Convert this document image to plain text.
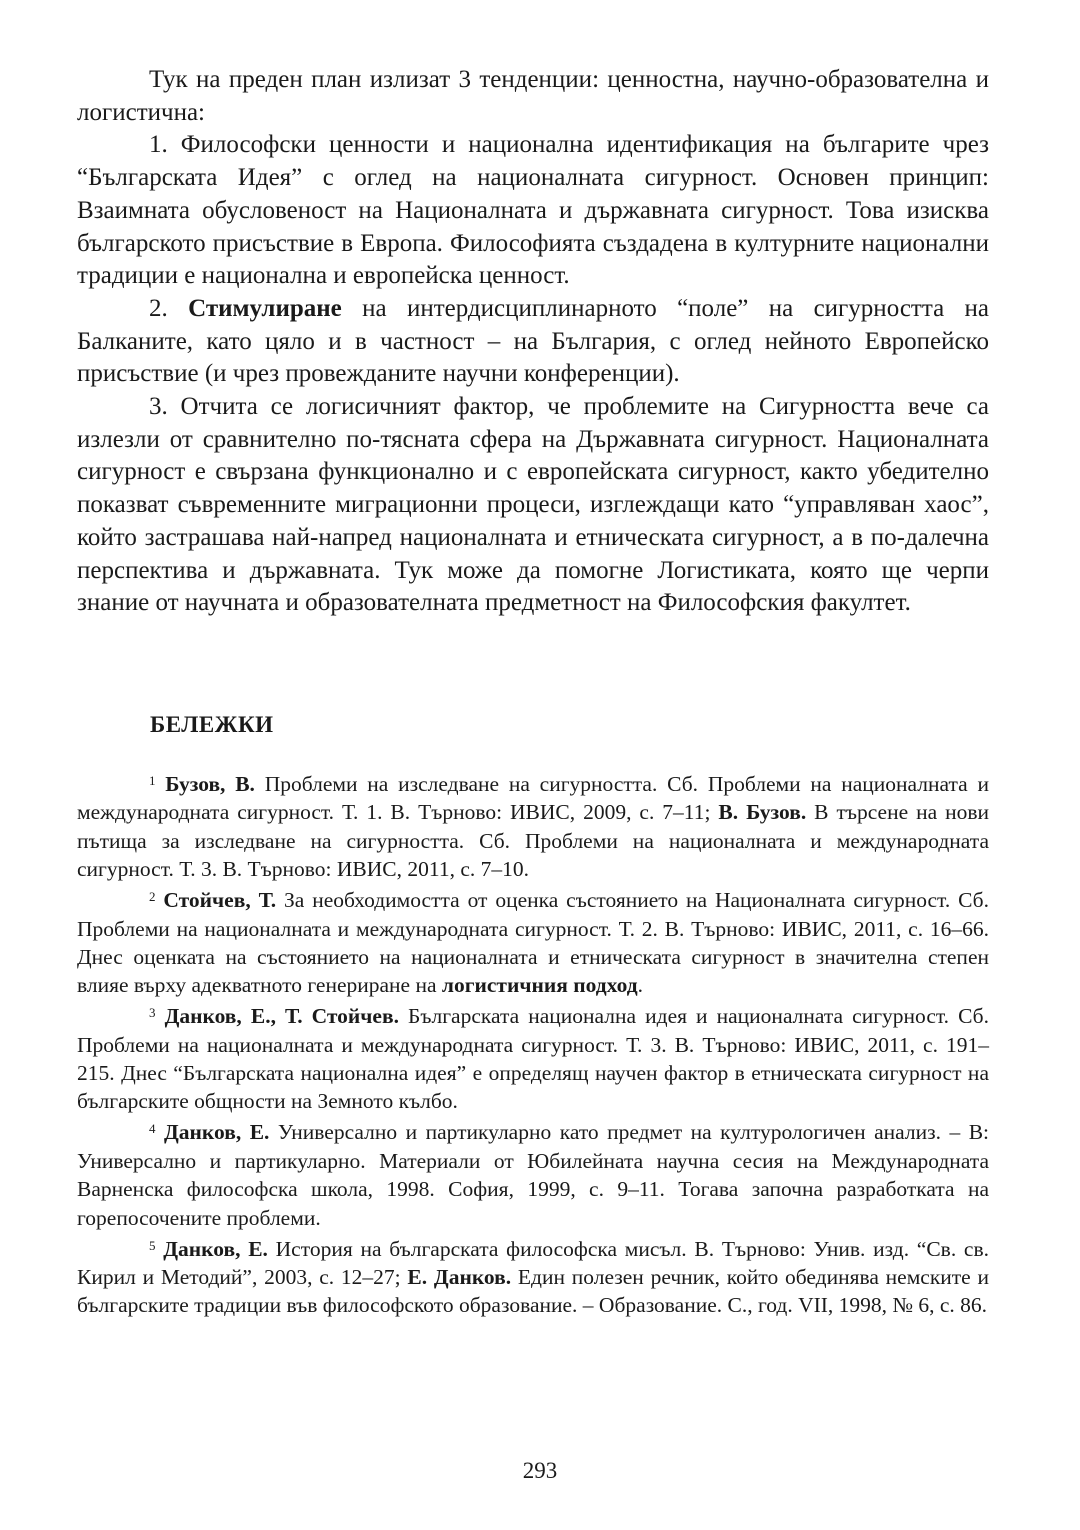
Тук на преден план излизат 3 тенденции: ценностна, научно-образователна и логистична:

1. Философски ценности и национална идентификация на българите чрез “Българската Идея” с оглед на националната сигурност. Основен принцип: Взаимната обусловеност на Националната и държавната сигурност. Това изисква българското присъствие в Европа. Философията създадена в културните национални традиции е национална и европейска ценност.

2. Стимулиране на интердисциплинарното “поле” на сигурността на Балканите, като цяло и в частност – на България, с оглед нейното Европейско присъствие (и чрез провежданите научни конференции).

3. Отчита се логисичният фактор, че проблемите на Сигурността вече са излезли от сравнително по-тясната сфера на Държавната сигурност. Националната сигурност е свързана функционално и с европейската сигурност, както убедително показват съвременните миграционни процеси, изглеждащи като “управляван хаос”, който застрашава най-напред националната и етническата сигурност, а в по-далечна перспектива и държавната. Тук може да помогне Логистиката, която ще черпи знание от научната и образователната предметност на Философския факултет.

БЕЛЕЖКИ

$^1$ Бузов, В. Проблеми на изследване на сигурността. Сб. Проблеми на националната и международната сигурност. Т. 1. В. Търново: ИВИС, 2009, с. 7–11; В. Бузов. В търсене на нови пътища за изследване на сигурността. Сб. Проблеми на националната и международната сигурност. Т. 3. В. Търново: ИВИС, 2011, с. 7–10.

$^2$ Стойчев, Т. За необходимостта от оценка състоянието на Националната сигурност. Сб. Проблеми на националната и международната сигурност. Т. 2. В. Търново: ИВИС, 2011, с. 16–66. Днес оценката на състоянието на националната и етническата сигурност в значителна степен влияе върху адекватното генериране на логистичния подход.

$^3$ Данков, Е., Т. Стойчев. Българската национална идея и националната сигурност. Сб. Проблеми на националната и международната сигурност. Т. 3. В. Търново: ИВИС, 2011, с. 191–215. Днес “Българската национална идея” е определящ научен фактор в етническата сигурност на българските общности на Земното кълбо.

$^4$ Данков, Е. Универсално и партикуларно като предмет на културологичен анализ. – В: Универсално и партикуларно. Материали от Юбилейната научна сесия на Международната Варненска философска школа, 1998. София, 1999, с. 9–11. Тогава започна разработката на горепосочените проблеми.

$^5$ Данков, Е. История на българската философска мисъл. В. Търново: Унив. изд. “Св. св. Кирил и Методий”, 2003, с. 12–27; Е. Данков. Един полезен речник, който обединява немските и българските традиции във философското образование. – Образование. С., год. VII, 1998, № 6, с. 86.

293
